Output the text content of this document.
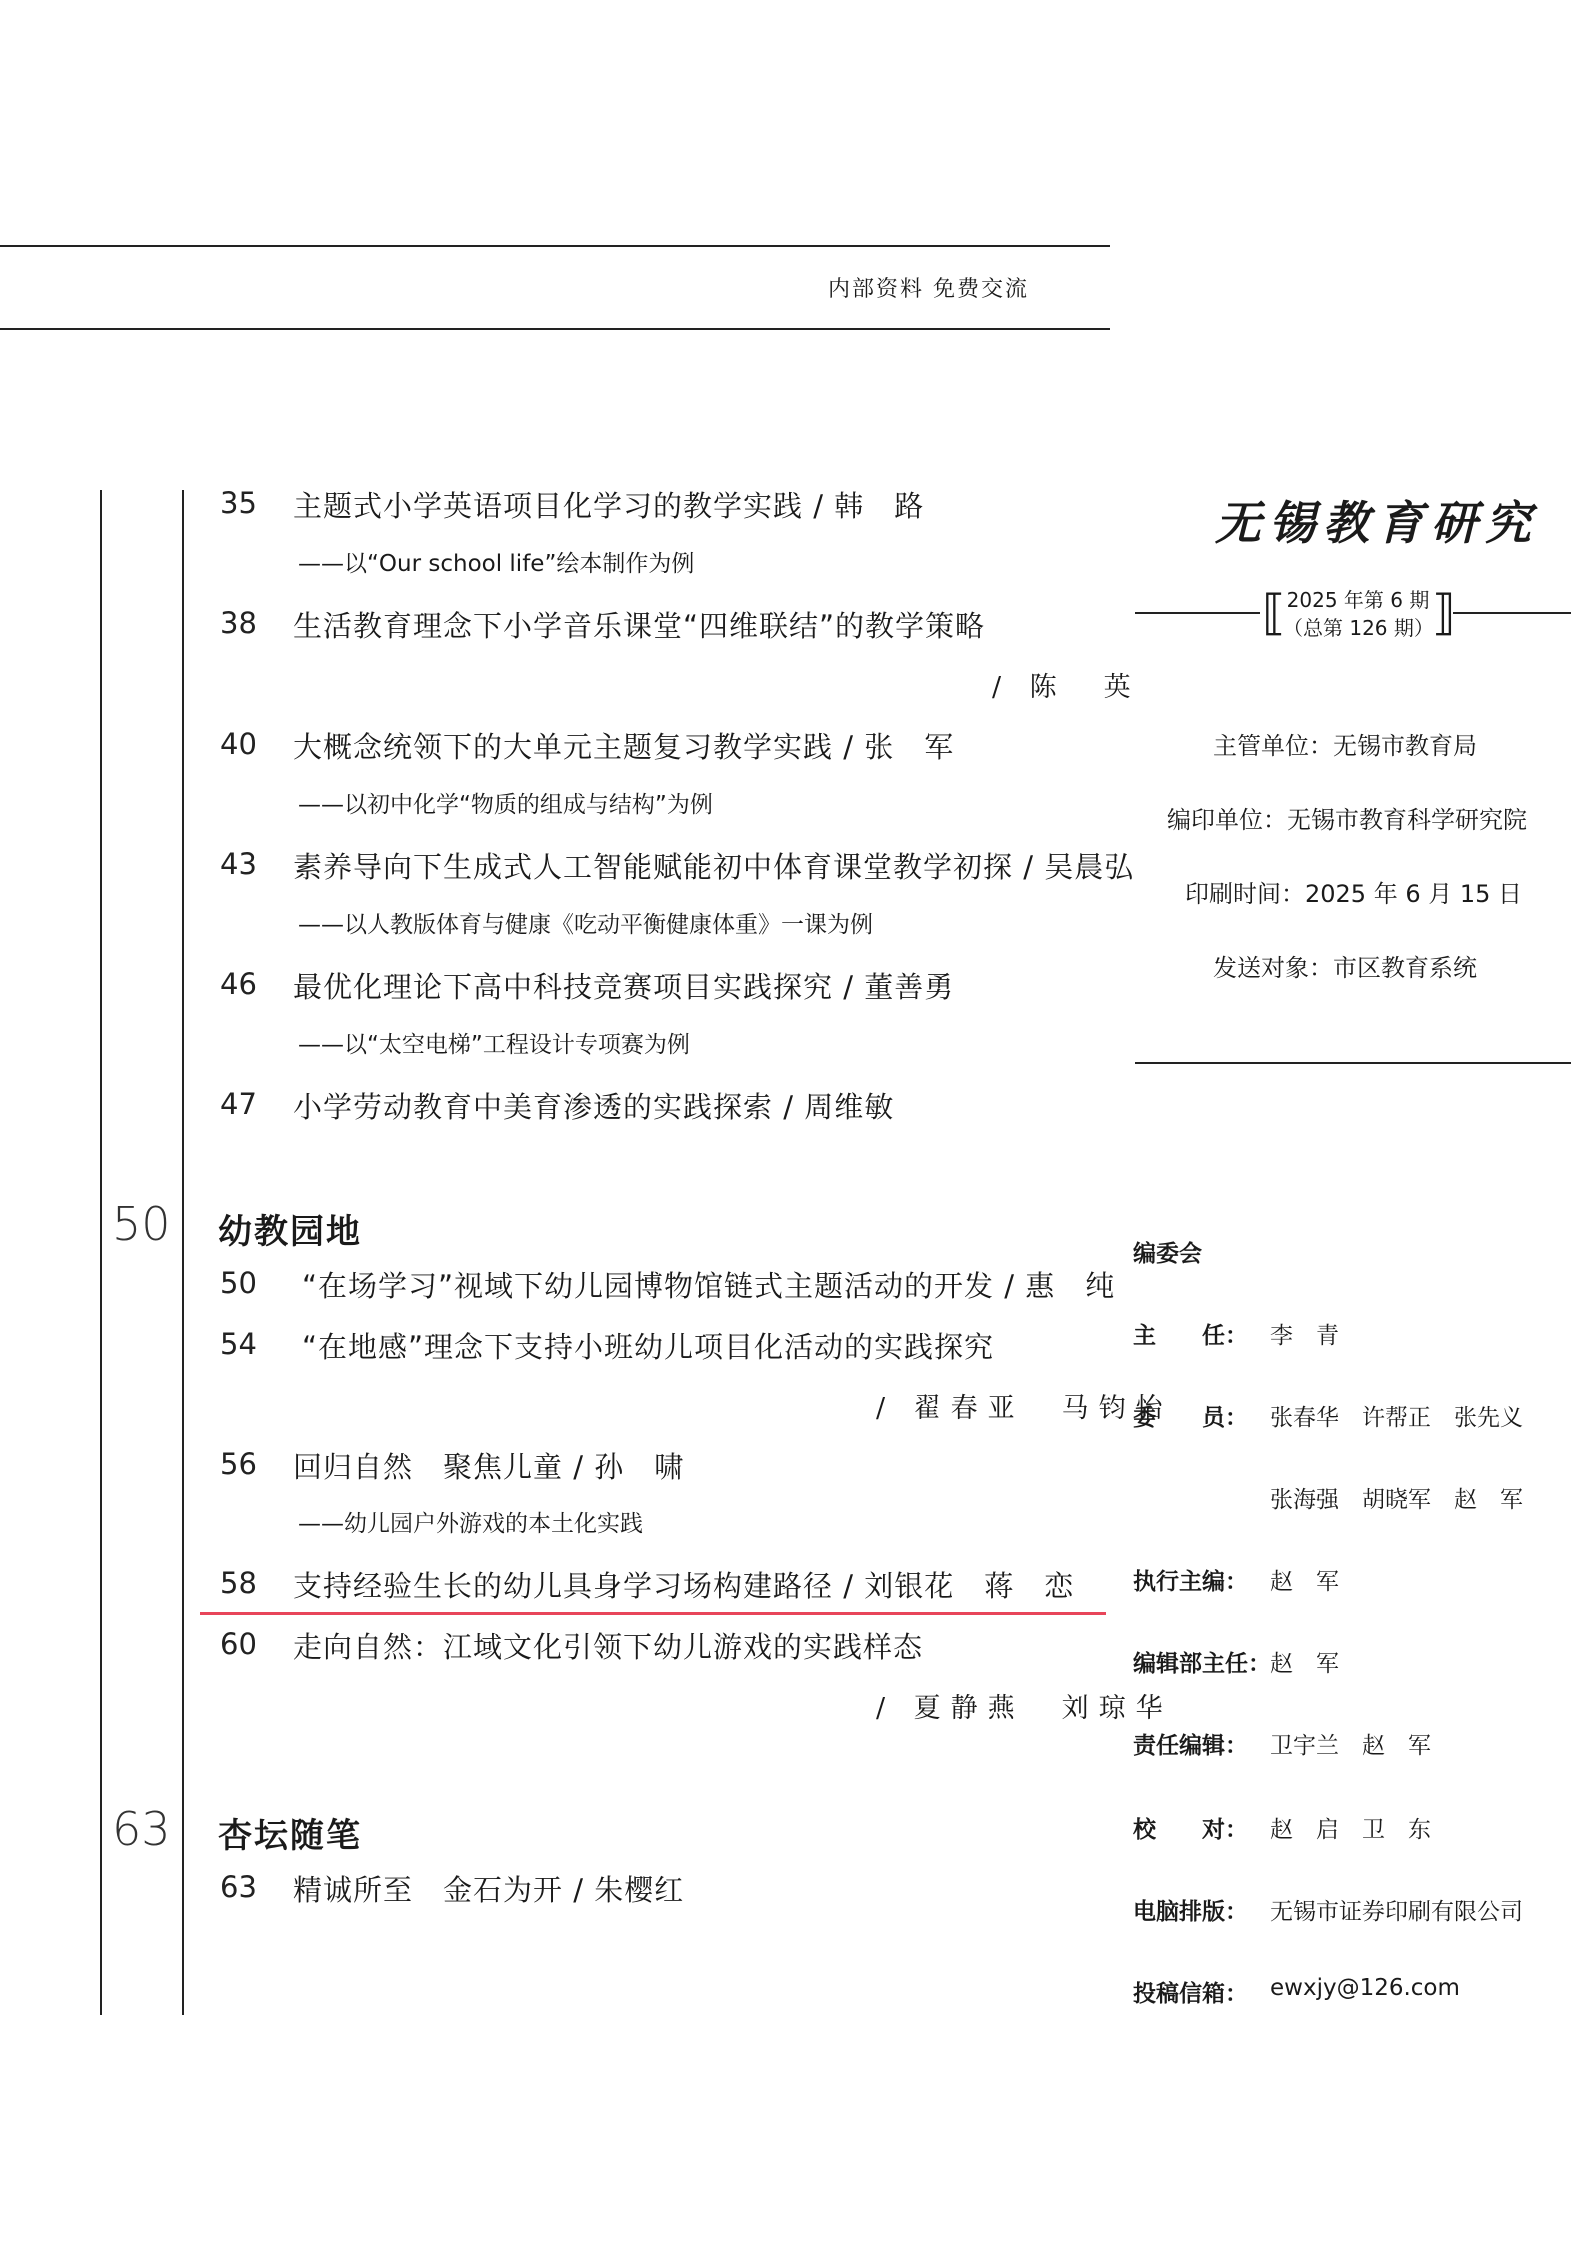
内部资料 免费交流
35 主题式小学英语项目化学习的教学实践 / 韩　路
——以“Our school life”绘本制作为例
38 生活教育理念下小学音乐课堂“四维联结”的教学策略
/ 陈　英
40 大概念统领下的大单元主题复习教学实践 / 张　军
——以初中化学“物质的组成与结构”为例
43 素养导向下生成式人工智能赋能初中体育课堂教学初探 / 吴晨弘
——以人教版体育与健康《吃动平衡健康体重》一课为例
46 最优化理论下高中科技竞赛项目实践探究 / 董善勇
——以“太空电梯”工程设计专项赛为例
47 小学劳动教育中美育渗透的实践探索 / 周维敏
50 幼教园地
50 “在场学习”视域下幼儿园博物馆链式主题活动的开发 / 惠　纯
54 “在地感”理念下支持小班幼儿项目化活动的实践探究
/ 翟春亚　马钧怡
56 回归自然　聚焦儿童 / 孙　啸
——幼儿园户外游戏的本土化实践
58 支持经验生长的幼儿具身学习场构建路径 / 刘银花　蒋　恋
60 走向自然：江域文化引领下幼儿游戏的实践样态
/ 夏静燕　刘琼华
63 杏坛随笔
63 精诚所至　金石为开 / 朱樱红
无锡教育研究
⟦ 2025 年第 6 期
（总第 126 期）
⟧
主管单位：无锡市教育局
编印单位：无锡市教育科学研究院
印刷时间：2025 年 6 月 15 日
发送对象：市区教育系统
编委会
主　　任： 李　青
委　　员： 张春华　许帮正　张先义
张海强　胡晓军　赵　军
执行主编： 赵　军
编辑部主任： 赵　军
责任编辑： 卫宇兰　赵　军
校　　对： 赵　启　卫　东
电脑排版： 无锡市证券印刷有限公司
投稿信箱： ewxjy@126.com
